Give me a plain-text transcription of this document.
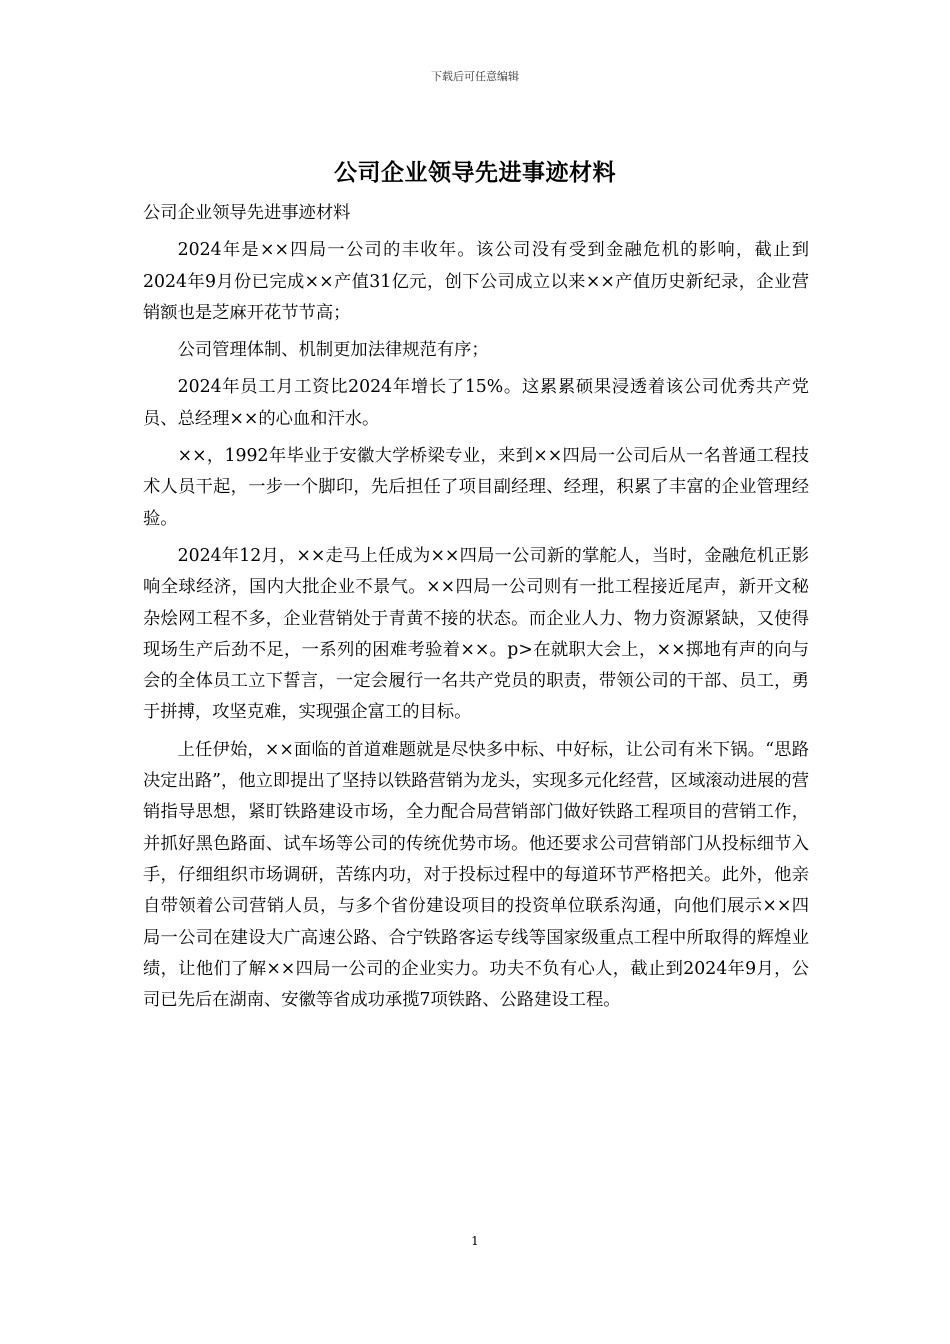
下载后可任意编辑
公司企业领导先进事迹材料

公司企业领导先进事迹材料

2024年是××四局一公司的丰收年。该公司没有受到金融危机的影响，截止到2024年9月份已完成××产值31亿元，创下公司成立以来××产值历史新纪录，企业营销额也是芝麻开花节节高；

公司管理体制、机制更加法律规范有序；

2024年员工月工资比2024年增长了15%。这累累硕果浸透着该公司优秀共产党员、总经理××的心血和汗水。

××，1992年毕业于安徽大学桥梁专业，来到××四局一公司后从一名普通工程技术人员干起，一步一个脚印，先后担任了项目副经理、经理，积累了丰富的企业管理经验。

2024年12月，××走马上任成为××四局一公司新的掌舵人，当时，金融危机正影响全球经济，国内大批企业不景气。××四局一公司则有一批工程接近尾声，新开文秘杂烩网工程不多，企业营销处于青黄不接的状态。而企业人力、物力资源紧缺，又使得现场生产后劲不足，一系列的困难考验着××。p>在就职大会上，××掷地有声的向与会的全体员工立下誓言，一定会履行一名共产党员的职责，带领公司的干部、员工，勇于拼搏，攻坚克难，实现强企富工的目标。

上任伊始，××面临的首道难题就是尽快多中标、中好标，让公司有米下锅。“思路决定出路”，他立即提出了坚持以铁路营销为龙头，实现多元化经营，区域滚动进展的营销指导思想，紧盯铁路建设市场，全力配合局营销部门做好铁路工程项目的营销工作，并抓好黑色路面、试车场等公司的传统优势市场。他还要求公司营销部门从投标细节入手，仔细组织市场调研，苦练内功，对于投标过程中的每道环节严格把关。此外，他亲自带领着公司营销人员，与多个省份建设项目的投资单位联系沟通，向他们展示××四局一公司在建设大广高速公路、合宁铁路客运专线等国家级重点工程中所取得的辉煌业绩，让他们了解××四局一公司的企业实力。功夫不负有心人，截止到2024年9月，公司已先后在湖南、安徽等省成功承揽7项铁路、公路建设工程。

1
